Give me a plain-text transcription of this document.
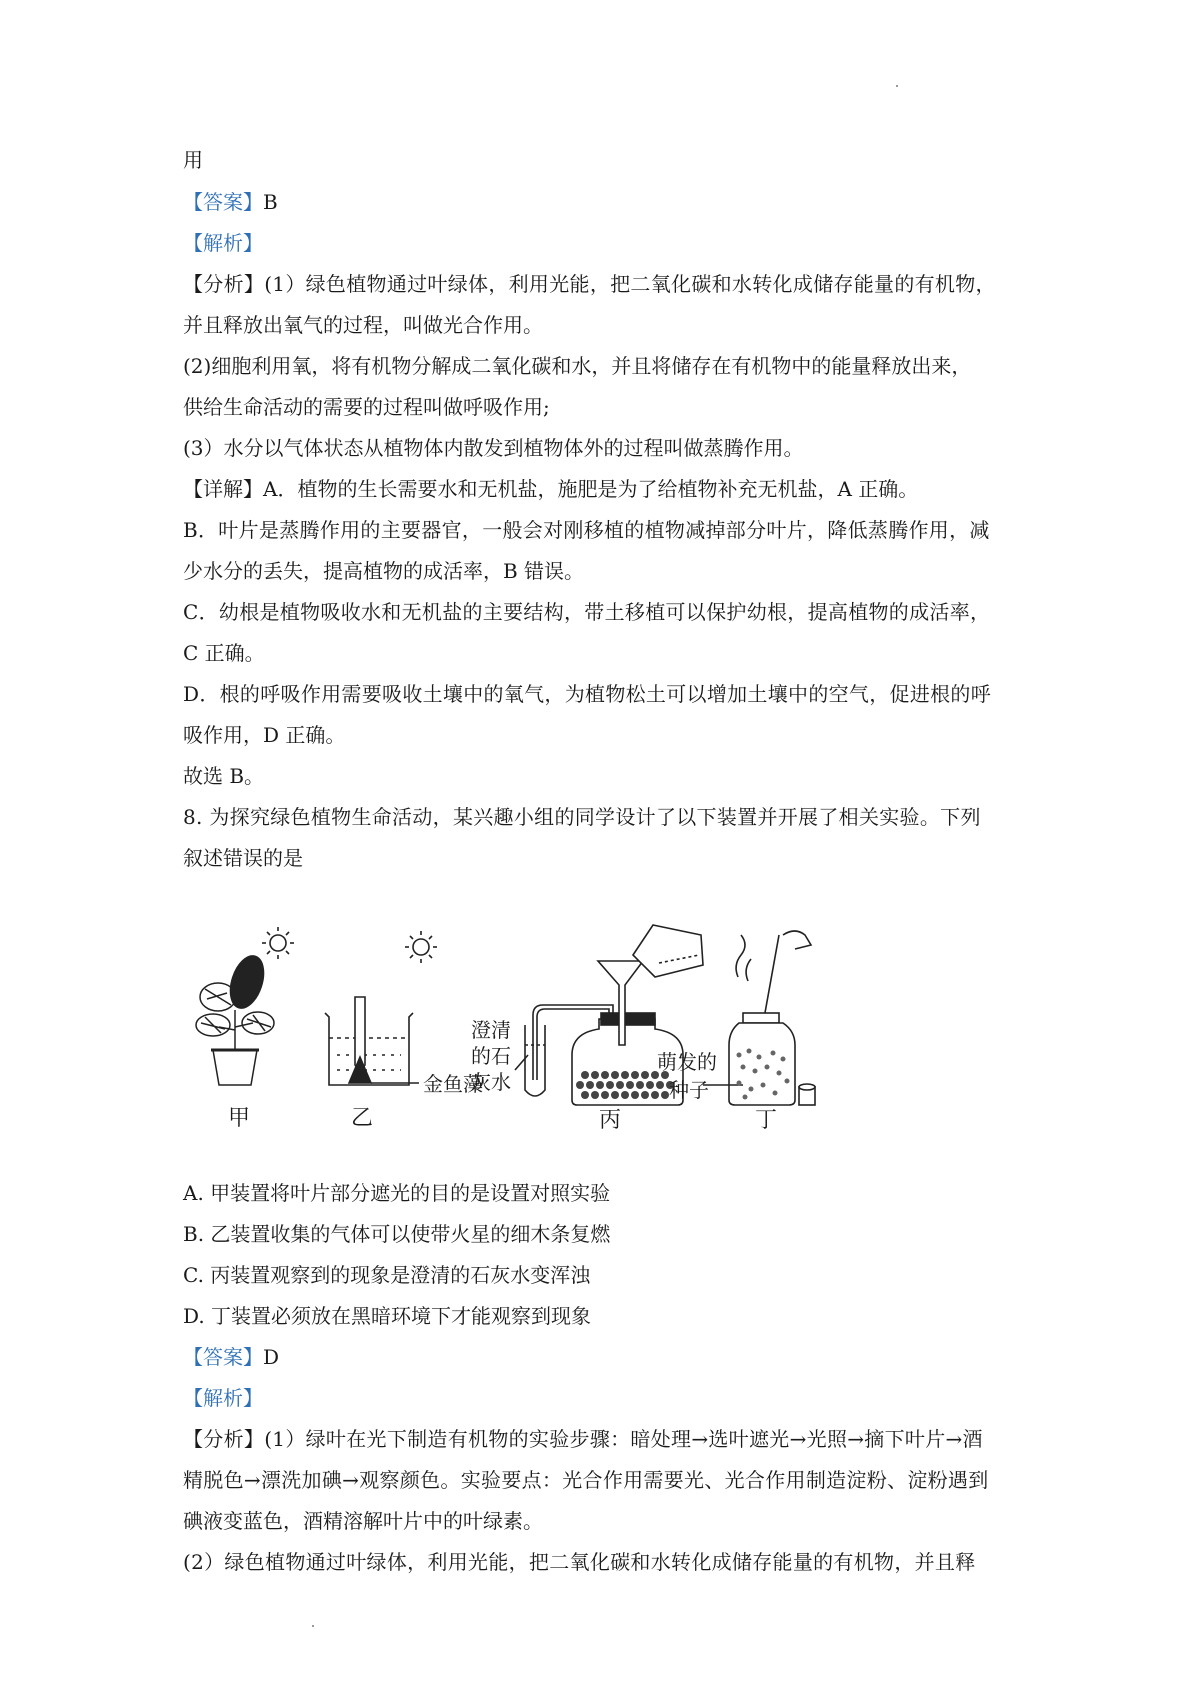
用
【答案】B
【解析】
【分析】(1）绿色植物通过叶绿体，利用光能，把二氧化碳和水转化成储存能量的有机物，
并且释放出氧气的过程，叫做光合作用。
(2)细胞利用氧，将有机物分解成二氧化碳和水，并且将储存在有机物中的能量释放出来，
供给生命活动的需要的过程叫做呼吸作用;
(3）水分以气体状态从植物体内散发到植物体外的过程叫做蒸腾作用。
【详解】A．植物的生长需要水和无机盐，施肥是为了给植物补充无机盐，A 正确。
B．叶片是蒸腾作用的主要器官，一般会对刚移植的植物减掉部分叶片，降低蒸腾作用，减
少水分的丢失，提高植物的成活率，B 错误。
C．幼根是植物吸收水和无机盐的主要结构，带土移植可以保护幼根，提高植物的成活率，
C 正确。
D．根的呼吸作用需要吸收土壤中的氧气，为植物松土可以增加土壤中的空气，促进根的呼
吸作用，D 正确。
故选 B。
8. 为探究绿色植物生命活动，某兴趣小组的同学设计了以下装置并开展了相关实验。下列
叙述错误的是
甲	乙
金鱼藻
澄清
的石
灰水
丙
萌发的
种子
丁
A. 甲装置将叶片部分遮光的目的是设置对照实验
B. 乙装置收集的气体可以使带火星的细木条复燃
C. 丙装置观察到的现象是澄清的石灰水变浑浊
D. 丁装置必须放在黑暗环境下才能观察到现象
【答案】D
【解析】
【分析】(1）绿叶在光下制造有机物的实验步骤：暗处理→选叶遮光→光照→摘下叶片→酒
精脱色→漂洗加碘→观察颜色。实验要点：光合作用需要光、光合作用制造淀粉、淀粉遇到
碘液变蓝色，酒精溶解叶片中的叶绿素。
(2）绿色植物通过叶绿体，利用光能，把二氧化碳和水转化成储存能量的有机物，并且释
